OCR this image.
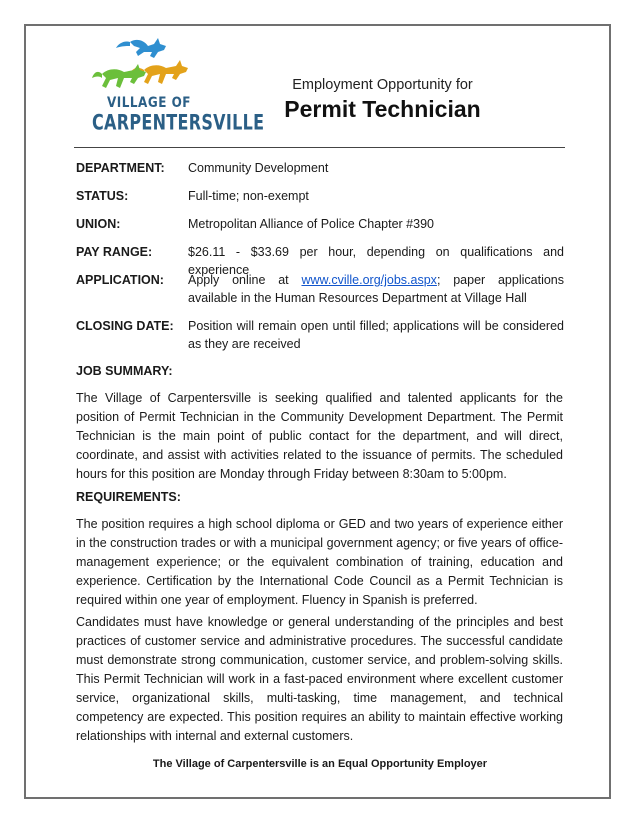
VILLAGE OF
CARPENTERSVILLE
Employment Opportunity for
Permit Technician
DEPARTMENT: Community Development
STATUS:	Full-time; non-exempt
UNION:	Metropolitan Alliance of Police Chapter #390
PAY RANGE:	$26.11 - $33.69 per hour, depending on qualifications and experience
APPLICATION: Apply online at www.cville.org/jobs.aspx; paper applications available in the Human Resources Department at Village Hall
CLOSING DATE: Position will remain open until filled; applications will be considered as they are received
JOB SUMMARY:
The Village of Carpentersville is seeking qualified and talented applicants for the position of Permit Technician in the Community Development Department. The Permit Technician is the main point of public contact for the department, and will direct, coordinate, and assist with activities related to the issuance of permits. The scheduled hours for this position are Monday through Friday between 8:30am to 5:00pm.
REQUIREMENTS:
The position requires a high school diploma or GED and two years of experience either in the construction trades or with a municipal government agency; or five years of office-management experience; or the equivalent combination of training, education and experience. Certification by the International Code Council as a Permit Technician is required within one year of employment. Fluency in Spanish is preferred.
Candidates must have knowledge or general understanding of the principles and best practices of customer service and administrative procedures. The successful candidate must demonstrate strong communication, customer service, and problem-solving skills. This Permit Technician will work in a fast-paced environment where excellent customer service, organizational skills, multi-tasking, time management, and technical competency are expected. This position requires an ability to maintain effective working relationships with internal and external customers.
The Village of Carpentersville is an Equal Opportunity Employer
